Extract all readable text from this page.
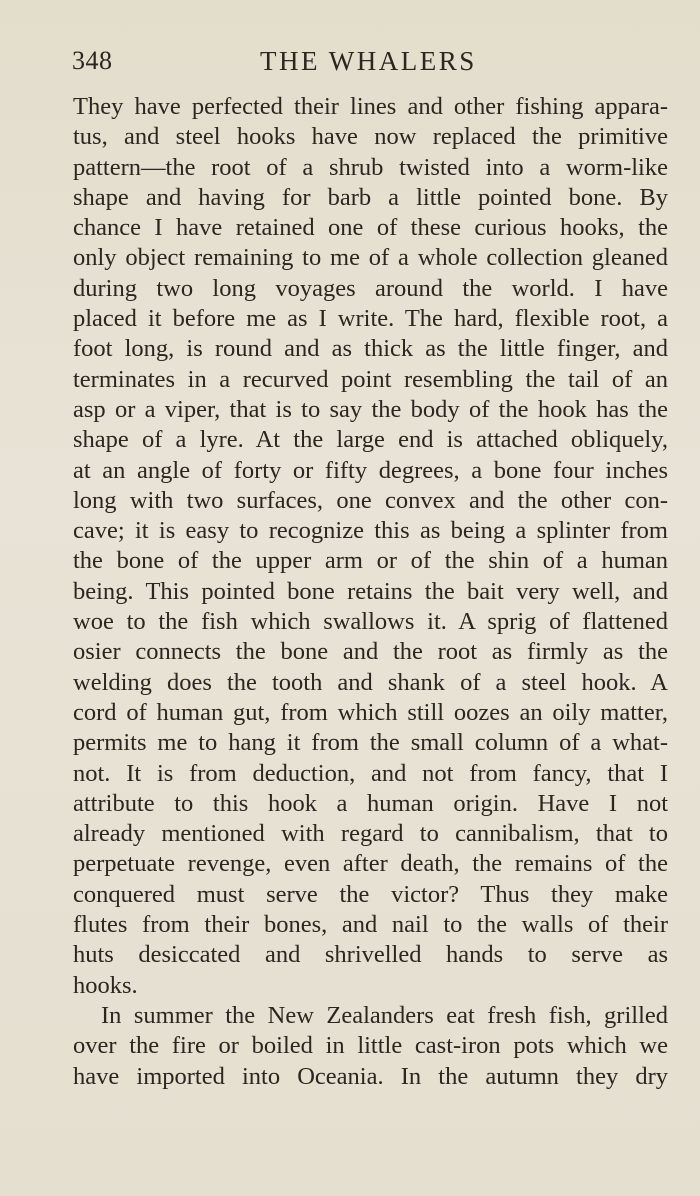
348	THE WHALERS
They have perfected their lines and other fishing appara-
tus, and steel hooks have now replaced the primitive
pattern—the root of a shrub twisted into a worm-like
shape and having for barb a little pointed bone. By
chance I have retained one of these curious hooks, the
only object remaining to me of a whole collection gleaned
during two long voyages around the world. I have
placed it before me as I write. The hard, flexible root, a
foot long, is round and as thick as the little finger, and
terminates in a recurved point resembling the tail of an
asp or a viper, that is to say the body of the hook has the
shape of a lyre. At the large end is attached obliquely,
at an angle of forty or fifty degrees, a bone four inches
long with two surfaces, one convex and the other con-
cave; it is easy to recognize this as being a splinter from
the bone of the upper arm or of the shin of a human
being. This pointed bone retains the bait very well, and
woe to the fish which swallows it. A sprig of flattened
osier connects the bone and the root as firmly as the
welding does the tooth and shank of a steel hook. A
cord of human gut, from which still oozes an oily matter,
permits me to hang it from the small column of a what-
not. It is from deduction, and not from fancy, that I
attribute to this hook a human origin. Have I not
already mentioned with regard to cannibalism, that to
perpetuate revenge, even after death, the remains of the
conquered must serve the victor? Thus they make
flutes from their bones, and nail to the walls of their
huts desiccated and shrivelled hands to serve as
hooks.
In summer the New Zealanders eat fresh fish, grilled
over the fire or boiled in little cast-iron pots which we
have imported into Oceania. In the autumn they dry
